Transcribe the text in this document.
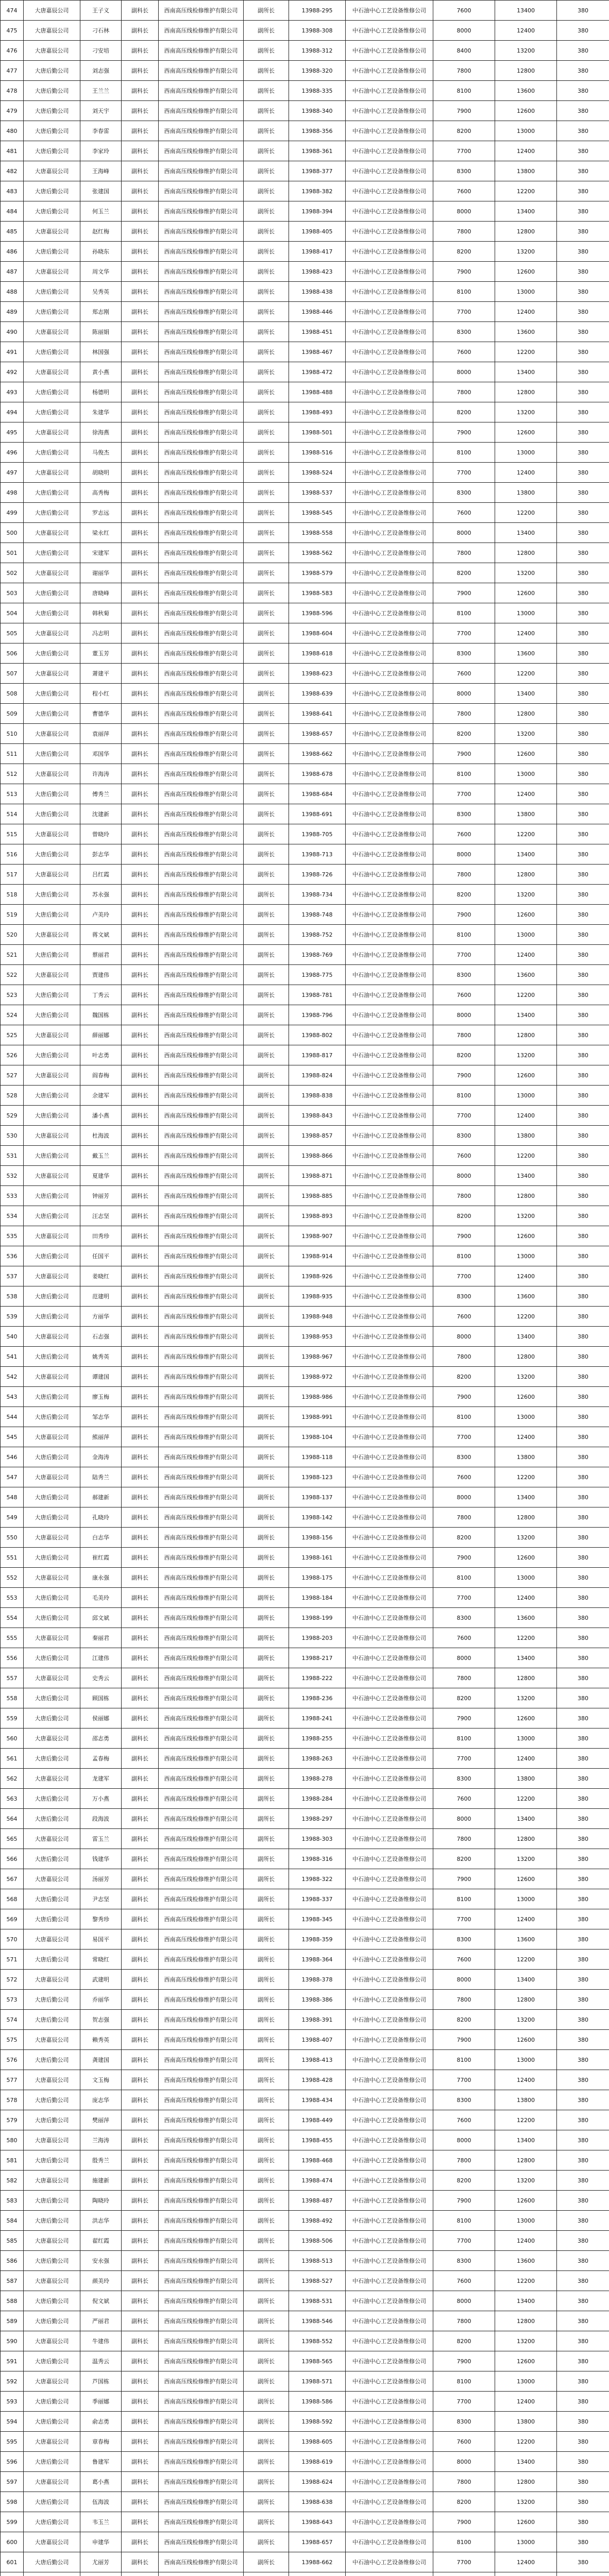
474	大唐嘉辰公司	王子义	副科长	西南高压线检修维护有限公司	副所长	13988-295	中石油中心工艺设备维修公司	7600	13400	380
475	大唐嘉辰公司	刁石林	副科长	西南高压线检修维护有限公司	副所长	13988-308	中石油中心工艺设备维修公司	8000	12400	380
476	大唐嘉辰公司	刁安培	副科长	西南高压线检修维护有限公司	副所长	13988-312	中石油中心工艺设备维修公司	8400	13200	380
477	大唐后勤公司	刘志强	副科长	西南高压线检修维护有限公司	副所长	13988-320	中石油中心工艺设备维修公司	7800	12800	380
478	大唐后勤公司	王兰兰	副科长	西南高压线检修维护有限公司	副所长	13988-335	中石油中心工艺设备维修公司	8100	13600	380
479	大唐后勤公司	刘天宇	副科长	西南高压线检修维护有限公司	副所长	13988-340	中石油中心工艺设备维修公司	7900	12600	380
480	大唐后勤公司	李春雷	副科长	西南高压线检修维护有限公司	副所长	13988-356	中石油中心工艺设备维修公司	8200	13000	380
481	大唐后勤公司	李家玲	副科长	西南高压线检修维护有限公司	副所长	13988-361	中石油中心工艺设备维修公司	7700	12400	380
482	大唐嘉辰公司	王海峰	副科长	西南高压线检修维护有限公司	副所长	13988-377	中石油中心工艺设备维修公司	8300	13800	380
483	大唐后勤公司	张建国	副科长	西南高压线检修维护有限公司	副所长	13988-382	中石油中心工艺设备维修公司	7600	12200	380
484	大唐后勤公司	何玉兰	副科长	西南高压线检修维护有限公司	副所长	13988-394	中石油中心工艺设备维修公司	8000	13400	380
485	大唐嘉辰公司	赵红梅	副科长	西南高压线检修维护有限公司	副所长	13988-405	中石油中心工艺设备维修公司	7800	12800	380
486	大唐后勤公司	孙晓东	副科长	西南高压线检修维护有限公司	副所长	13988-417	中石油中心工艺设备维修公司	8200	13200	380
487	大唐嘉辰公司	周文华	副科长	西南高压线检修维护有限公司	副所长	13988-423	中石油中心工艺设备维修公司	7900	12600	380
488	大唐后勤公司	吴秀英	副科长	西南高压线检修维护有限公司	副所长	13988-438	中石油中心工艺设备维修公司	8100	13000	380
489	大唐后勤公司	郑志刚	副科长	西南高压线检修维护有限公司	副所长	13988-446	中石油中心工艺设备维修公司	7700	12400	380
490	大唐嘉辰公司	陈丽娟	副科长	西南高压线检修维护有限公司	副所长	13988-451	中石油中心工艺设备维修公司	8300	13600	380
491	大唐后勤公司	林国强	副科长	西南高压线检修维护有限公司	副所长	13988-467	中石油中心工艺设备维修公司	7600	12200	380
492	大唐嘉辰公司	黄小燕	副科长	西南高压线检修维护有限公司	副所长	13988-472	中石油中心工艺设备维修公司	8000	13400	380
493	大唐后勤公司	杨德明	副科长	西南高压线检修维护有限公司	副所长	13988-488	中石油中心工艺设备维修公司	7800	12800	380
494	大唐后勤公司	朱建华	副科长	西南高压线检修维护有限公司	副所长	13988-493	中石油中心工艺设备维修公司	8200	13200	380
495	大唐嘉辰公司	徐海燕	副科长	西南高压线检修维护有限公司	副所长	13988-501	中石油中心工艺设备维修公司	7900	12600	380
496	大唐后勤公司	马俊杰	副科长	西南高压线检修维护有限公司	副所长	13988-516	中石油中心工艺设备维修公司	8100	13000	380
497	大唐嘉辰公司	胡晓明	副科长	西南高压线检修维护有限公司	副所长	13988-524	中石油中心工艺设备维修公司	7700	12400	380
498	大唐后勤公司	高秀梅	副科长	西南高压线检修维护有限公司	副所长	13988-537	中石油中心工艺设备维修公司	8300	13800	380
499	大唐后勤公司	罗志远	副科长	西南高压线检修维护有限公司	副所长	13988-545	中石油中心工艺设备维修公司	7600	12200	380
500	大唐嘉辰公司	梁永红	副科长	西南高压线检修维护有限公司	副所长	13988-558	中石油中心工艺设备维修公司	8000	13400	380
501	大唐后勤公司	宋建军	副科长	西南高压线检修维护有限公司	副所长	13988-562	中石油中心工艺设备维修公司	7800	12800	380
502	大唐嘉辰公司	谢丽华	副科长	西南高压线检修维护有限公司	副所长	13988-579	中石油中心工艺设备维修公司	8200	13200	380
503	大唐后勤公司	唐晓峰	副科长	西南高压线检修维护有限公司	副所长	13988-583	中石油中心工艺设备维修公司	7900	12600	380
504	大唐后勤公司	韩秋菊	副科长	西南高压线检修维护有限公司	副所长	13988-596	中石油中心工艺设备维修公司	8100	13000	380
505	大唐嘉辰公司	冯志明	副科长	西南高压线检修维护有限公司	副所长	13988-604	中石油中心工艺设备维修公司	7700	12400	380
506	大唐后勤公司	董玉芳	副科长	西南高压线检修维护有限公司	副所长	13988-618	中石油中心工艺设备维修公司	8300	13600	380
507	大唐嘉辰公司	萧建平	副科长	西南高压线检修维护有限公司	副所长	13988-623	中石油中心工艺设备维修公司	7600	12200	380
508	大唐后勤公司	程小红	副科长	西南高压线检修维护有限公司	副所长	13988-639	中石油中心工艺设备维修公司	8000	13400	380
509	大唐后勤公司	曹德华	副科长	西南高压线检修维护有限公司	副所长	13988-641	中石油中心工艺设备维修公司	7800	12800	380
510	大唐嘉辰公司	袁丽萍	副科长	西南高压线检修维护有限公司	副所长	13988-657	中石油中心工艺设备维修公司	8200	13200	380
511	大唐后勤公司	邓国华	副科长	西南高压线检修维护有限公司	副所长	13988-662	中石油中心工艺设备维修公司	7900	12600	380
512	大唐嘉辰公司	许海涛	副科长	西南高压线检修维护有限公司	副所长	13988-678	中石油中心工艺设备维修公司	8100	13000	380
513	大唐后勤公司	傅秀兰	副科长	西南高压线检修维护有限公司	副所长	13988-684	中石油中心工艺设备维修公司	7700	12400	380
514	大唐后勤公司	沈建新	副科长	西南高压线检修维护有限公司	副所长	13988-691	中石油中心工艺设备维修公司	8300	13800	380
515	大唐嘉辰公司	曾晓玲	副科长	西南高压线检修维护有限公司	副所长	13988-705	中石油中心工艺设备维修公司	7600	12200	380
516	大唐后勤公司	彭志华	副科长	西南高压线检修维护有限公司	副所长	13988-713	中石油中心工艺设备维修公司	8000	13400	380
517	大唐嘉辰公司	吕红霞	副科长	西南高压线检修维护有限公司	副所长	13988-726	中石油中心工艺设备维修公司	7800	12800	380
518	大唐后勤公司	苏永强	副科长	西南高压线检修维护有限公司	副所长	13988-734	中石油中心工艺设备维修公司	8200	13200	380
519	大唐后勤公司	卢美玲	副科长	西南高压线检修维护有限公司	副所长	13988-748	中石油中心工艺设备维修公司	7900	12600	380
520	大唐嘉辰公司	蒋文斌	副科长	西南高压线检修维护有限公司	副所长	13988-752	中石油中心工艺设备维修公司	8100	13000	380
521	大唐后勤公司	蔡丽君	副科长	西南高压线检修维护有限公司	副所长	13988-769	中石油中心工艺设备维修公司	7700	12400	380
522	大唐嘉辰公司	贾建伟	副科长	西南高压线检修维护有限公司	副所长	13988-775	中石油中心工艺设备维修公司	8300	13600	380
523	大唐后勤公司	丁秀云	副科长	西南高压线检修维护有限公司	副所长	13988-781	中石油中心工艺设备维修公司	7600	12200	380
524	大唐后勤公司	魏国栋	副科长	西南高压线检修维护有限公司	副所长	13988-796	中石油中心工艺设备维修公司	8000	13400	380
525	大唐嘉辰公司	薛丽娜	副科长	西南高压线检修维护有限公司	副所长	13988-802	中石油中心工艺设备维修公司	7800	12800	380
526	大唐后勤公司	叶志勇	副科长	西南高压线检修维护有限公司	副所长	13988-817	中石油中心工艺设备维修公司	8200	13200	380
527	大唐嘉辰公司	阎春梅	副科长	西南高压线检修维护有限公司	副所长	13988-824	中石油中心工艺设备维修公司	7900	12600	380
528	大唐后勤公司	余建军	副科长	西南高压线检修维护有限公司	副所长	13988-838	中石油中心工艺设备维修公司	8100	13000	380
529	大唐后勤公司	潘小燕	副科长	西南高压线检修维护有限公司	副所长	13988-843	中石油中心工艺设备维修公司	7700	12400	380
530	大唐嘉辰公司	杜海波	副科长	西南高压线检修维护有限公司	副所长	13988-857	中石油中心工艺设备维修公司	8300	13800	380
531	大唐后勤公司	戴玉兰	副科长	西南高压线检修维护有限公司	副所长	13988-866	中石油中心工艺设备维修公司	7600	12200	380
532	大唐嘉辰公司	夏建华	副科长	西南高压线检修维护有限公司	副所长	13988-871	中石油中心工艺设备维修公司	8000	13400	380
533	大唐后勤公司	钟丽芳	副科长	西南高压线检修维护有限公司	副所长	13988-885	中石油中心工艺设备维修公司	7800	12800	380
534	大唐后勤公司	汪志坚	副科长	西南高压线检修维护有限公司	副所长	13988-893	中石油中心工艺设备维修公司	8200	13200	380
535	大唐嘉辰公司	田秀珍	副科长	西南高压线检修维护有限公司	副所长	13988-907	中石油中心工艺设备维修公司	7900	12600	380
536	大唐后勤公司	任国平	副科长	西南高压线检修维护有限公司	副所长	13988-914	中石油中心工艺设备维修公司	8100	13000	380
537	大唐嘉辰公司	姜晓红	副科长	西南高压线检修维护有限公司	副所长	13988-926	中石油中心工艺设备维修公司	7700	12400	380
538	大唐后勤公司	范建明	副科长	西南高压线检修维护有限公司	副所长	13988-935	中石油中心工艺设备维修公司	8300	13600	380
539	大唐后勤公司	方丽华	副科长	西南高压线检修维护有限公司	副所长	13988-948	中石油中心工艺设备维修公司	7600	12200	380
540	大唐嘉辰公司	石志强	副科长	西南高压线检修维护有限公司	副所长	13988-953	中石油中心工艺设备维修公司	8000	13400	380
541	大唐后勤公司	姚秀英	副科长	西南高压线检修维护有限公司	副所长	13988-967	中石油中心工艺设备维修公司	7800	12800	380
542	大唐嘉辰公司	谭建国	副科长	西南高压线检修维护有限公司	副所长	13988-972	中石油中心工艺设备维修公司	8200	13200	380
543	大唐后勤公司	廖玉梅	副科长	西南高压线检修维护有限公司	副所长	13988-986	中石油中心工艺设备维修公司	7900	12600	380
544	大唐后勤公司	邹志华	副科长	西南高压线检修维护有限公司	副所长	13988-991	中石油中心工艺设备维修公司	8100	13000	380
545	大唐嘉辰公司	熊丽萍	副科长	西南高压线检修维护有限公司	副所长	13988-104	中石油中心工艺设备维修公司	7700	12400	380
546	大唐后勤公司	金海涛	副科长	西南高压线检修维护有限公司	副所长	13988-118	中石油中心工艺设备维修公司	8300	13800	380
547	大唐嘉辰公司	陆秀兰	副科长	西南高压线检修维护有限公司	副所长	13988-123	中石油中心工艺设备维修公司	7600	12200	380
548	大唐后勤公司	郝建新	副科长	西南高压线检修维护有限公司	副所长	13988-137	中石油中心工艺设备维修公司	8000	13400	380
549	大唐后勤公司	孔晓玲	副科长	西南高压线检修维护有限公司	副所长	13988-142	中石油中心工艺设备维修公司	7800	12800	380
550	大唐嘉辰公司	白志华	副科长	西南高压线检修维护有限公司	副所长	13988-156	中石油中心工艺设备维修公司	8200	13200	380
551	大唐后勤公司	崔红霞	副科长	西南高压线检修维护有限公司	副所长	13988-161	中石油中心工艺设备维修公司	7900	12600	380
552	大唐嘉辰公司	康永强	副科长	西南高压线检修维护有限公司	副所长	13988-175	中石油中心工艺设备维修公司	8100	13000	380
553	大唐后勤公司	毛美玲	副科长	西南高压线检修维护有限公司	副所长	13988-184	中石油中心工艺设备维修公司	7700	12400	380
554	大唐后勤公司	邱文斌	副科长	西南高压线检修维护有限公司	副所长	13988-199	中石油中心工艺设备维修公司	8300	13600	380
555	大唐嘉辰公司	秦丽君	副科长	西南高压线检修维护有限公司	副所长	13988-203	中石油中心工艺设备维修公司	7600	12200	380
556	大唐后勤公司	江建伟	副科长	西南高压线检修维护有限公司	副所长	13988-217	中石油中心工艺设备维修公司	8000	13400	380
557	大唐嘉辰公司	史秀云	副科长	西南高压线检修维护有限公司	副所长	13988-222	中石油中心工艺设备维修公司	7800	12800	380
558	大唐后勤公司	顾国栋	副科长	西南高压线检修维护有限公司	副所长	13988-236	中石油中心工艺设备维修公司	8200	13200	380
559	大唐后勤公司	侯丽娜	副科长	西南高压线检修维护有限公司	副所长	13988-241	中石油中心工艺设备维修公司	7900	12600	380
560	大唐嘉辰公司	邵志勇	副科长	西南高压线检修维护有限公司	副所长	13988-255	中石油中心工艺设备维修公司	8100	13000	380
561	大唐后勤公司	孟春梅	副科长	西南高压线检修维护有限公司	副所长	13988-263	中石油中心工艺设备维修公司	7700	12400	380
562	大唐嘉辰公司	龙建军	副科长	西南高压线检修维护有限公司	副所长	13988-278	中石油中心工艺设备维修公司	8300	13800	380
563	大唐后勤公司	万小燕	副科长	西南高压线检修维护有限公司	副所长	13988-284	中石油中心工艺设备维修公司	7600	12200	380
564	大唐后勤公司	段海波	副科长	西南高压线检修维护有限公司	副所长	13988-297	中石油中心工艺设备维修公司	8000	13400	380
565	大唐嘉辰公司	雷玉兰	副科长	西南高压线检修维护有限公司	副所长	13988-303	中石油中心工艺设备维修公司	7800	12800	380
566	大唐后勤公司	钱建华	副科长	西南高压线检修维护有限公司	副所长	13988-316	中石油中心工艺设备维修公司	8200	13200	380
567	大唐嘉辰公司	汤丽芳	副科长	西南高压线检修维护有限公司	副所长	13988-322	中石油中心工艺设备维修公司	7900	12600	380
568	大唐后勤公司	尹志坚	副科长	西南高压线检修维护有限公司	副所长	13988-337	中石油中心工艺设备维修公司	8100	13000	380
569	大唐后勤公司	黎秀珍	副科长	西南高压线检修维护有限公司	副所长	13988-345	中石油中心工艺设备维修公司	7700	12400	380
570	大唐嘉辰公司	易国平	副科长	西南高压线检修维护有限公司	副所长	13988-359	中石油中心工艺设备维修公司	8300	13600	380
571	大唐后勤公司	常晓红	副科长	西南高压线检修维护有限公司	副所长	13988-364	中石油中心工艺设备维修公司	7600	12200	380
572	大唐嘉辰公司	武建明	副科长	西南高压线检修维护有限公司	副所长	13988-378	中石油中心工艺设备维修公司	8000	13400	380
573	大唐后勤公司	乔丽华	副科长	西南高压线检修维护有限公司	副所长	13988-386	中石油中心工艺设备维修公司	7800	12800	380
574	大唐后勤公司	贺志强	副科长	西南高压线检修维护有限公司	副所长	13988-391	中石油中心工艺设备维修公司	8200	13200	380
575	大唐嘉辰公司	赖秀英	副科长	西南高压线检修维护有限公司	副所长	13988-407	中石油中心工艺设备维修公司	7900	12600	380
576	大唐后勤公司	龚建国	副科长	西南高压线检修维护有限公司	副所长	13988-413	中石油中心工艺设备维修公司	8100	13000	380
577	大唐嘉辰公司	文玉梅	副科长	西南高压线检修维护有限公司	副所长	13988-428	中石油中心工艺设备维修公司	7700	12400	380
578	大唐后勤公司	庞志华	副科长	西南高压线检修维护有限公司	副所长	13988-434	中石油中心工艺设备维修公司	8300	13800	380
579	大唐后勤公司	樊丽萍	副科长	西南高压线检修维护有限公司	副所长	13988-449	中石油中心工艺设备维修公司	7600	12200	380
580	大唐嘉辰公司	兰海涛	副科长	西南高压线检修维护有限公司	副所长	13988-455	中石油中心工艺设备维修公司	8000	13400	380
581	大唐后勤公司	殷秀兰	副科长	西南高压线检修维护有限公司	副所长	13988-468	中石油中心工艺设备维修公司	7800	12800	380
582	大唐嘉辰公司	施建新	副科长	西南高压线检修维护有限公司	副所长	13988-474	中石油中心工艺设备维修公司	8200	13200	380
583	大唐后勤公司	陶晓玲	副科长	西南高压线检修维护有限公司	副所长	13988-487	中石油中心工艺设备维修公司	7900	12600	380
584	大唐后勤公司	洪志华	副科长	西南高压线检修维护有限公司	副所长	13988-492	中石油中心工艺设备维修公司	8100	13000	380
585	大唐嘉辰公司	翟红霞	副科长	西南高压线检修维护有限公司	副所长	13988-506	中石油中心工艺设备维修公司	7700	12400	380
586	大唐后勤公司	安永强	副科长	西南高压线检修维护有限公司	副所长	13988-513	中石油中心工艺设备维修公司	8300	13600	380
587	大唐嘉辰公司	颜美玲	副科长	西南高压线检修维护有限公司	副所长	13988-527	中石油中心工艺设备维修公司	7600	12200	380
588	大唐后勤公司	倪文斌	副科长	西南高压线检修维护有限公司	副所长	13988-531	中石油中心工艺设备维修公司	8000	13400	380
589	大唐后勤公司	严丽君	副科长	西南高压线检修维护有限公司	副所长	13988-546	中石油中心工艺设备维修公司	7800	12800	380
590	大唐嘉辰公司	牛建伟	副科长	西南高压线检修维护有限公司	副所长	13988-552	中石油中心工艺设备维修公司	8200	13200	380
591	大唐后勤公司	温秀云	副科长	西南高压线检修维护有限公司	副所长	13988-565	中石油中心工艺设备维修公司	7900	12600	380
592	大唐嘉辰公司	芦国栋	副科长	西南高压线检修维护有限公司	副所长	13988-571	中石油中心工艺设备维修公司	8100	13000	380
593	大唐后勤公司	季丽娜	副科长	西南高压线检修维护有限公司	副所长	13988-586	中石油中心工艺设备维修公司	7700	12400	380
594	大唐后勤公司	俞志勇	副科长	西南高压线检修维护有限公司	副所长	13988-592	中石油中心工艺设备维修公司	8300	13800	380
595	大唐嘉辰公司	章春梅	副科长	西南高压线检修维护有限公司	副所长	13988-605	中石油中心工艺设备维修公司	7600	12200	380
596	大唐后勤公司	鲁建军	副科长	西南高压线检修维护有限公司	副所长	13988-619	中石油中心工艺设备维修公司	8000	13400	380
597	大唐嘉辰公司	葛小燕	副科长	西南高压线检修维护有限公司	副所长	13988-624	中石油中心工艺设备维修公司	7800	12800	380
598	大唐后勤公司	伍海波	副科长	西南高压线检修维护有限公司	副所长	13988-638	中石油中心工艺设备维修公司	8200	13200	380
599	大唐后勤公司	韦玉兰	副科长	西南高压线检修维护有限公司	副所长	13988-643	中石油中心工艺设备维修公司	7900	12600	380
600	大唐嘉辰公司	申建华	副科长	西南高压线检修维护有限公司	副所长	13988-657	中石油中心工艺设备维修公司	8100	13000	380
601	大唐后勤公司	尤丽芳	副科长	西南高压线检修维护有限公司	副所长	13988-662	中石油中心工艺设备维修公司	7700	12400	380
